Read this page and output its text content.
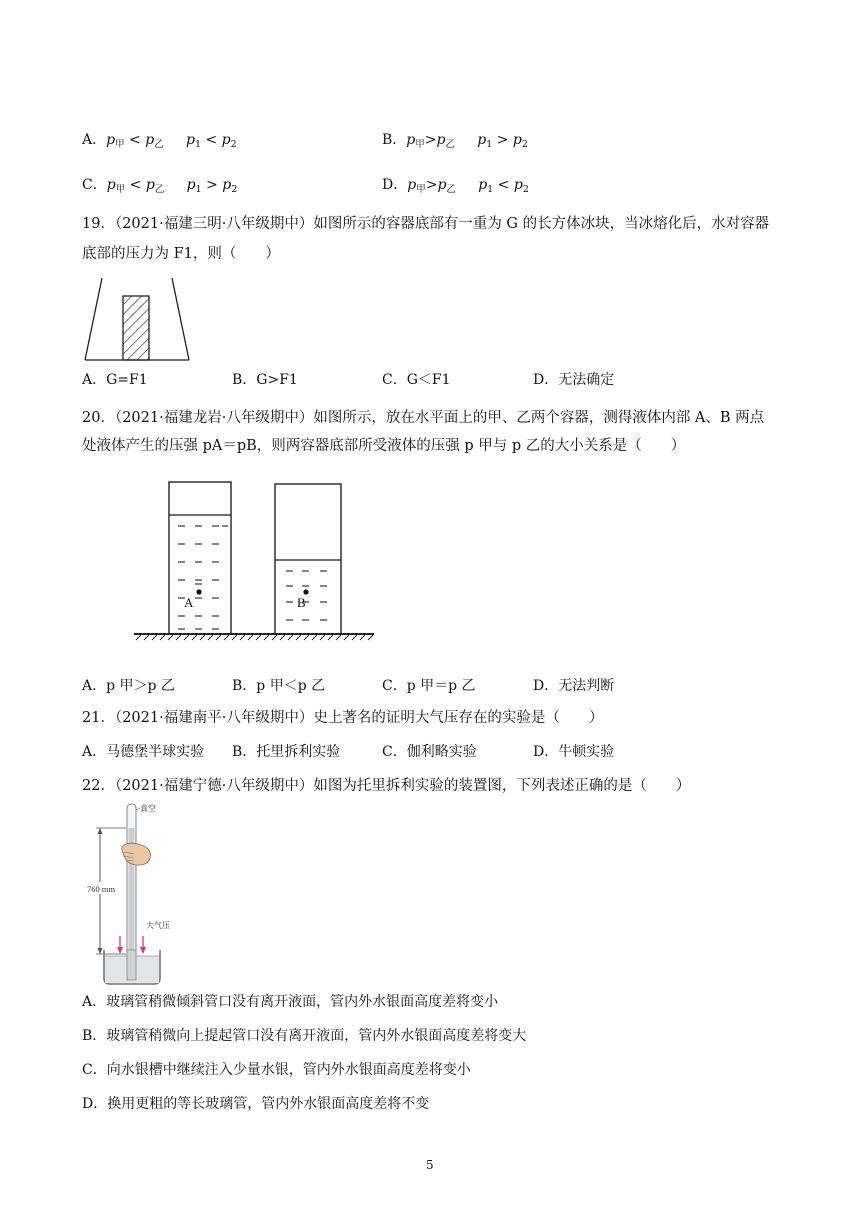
A．$p_甲 < p_乙$ $p_1 < p_2$	B．$p_甲>p_乙$ $p_1 > p_2$
C．$p_甲 < p_乙$ $p_1 > p_2$	D．$p_甲>p_乙$ $p_1 < p_2$
19．（2021·福建三明·八年级期中）如图所示的容器底部有一重为 G 的长方体冰块，当冰熔化后，水对容器
底部的压力为 F1，则（　　）
A．G=F1	B．G>F1	C．G＜F1	D．无法确定
20．（2021·福建龙岩·八年级期中）如图所示，放在水平面上的甲、乙两个容器，测得液体内部 A、B 两点
处液体产生的压强 pA＝pB，则两容器底部所受液体的压强 p 甲与 p 乙的大小关系是（　　）
A	B
A．p 甲＞p 乙	B．p 甲＜p 乙	C．p 甲＝p 乙	D．无法判断
21．（2021·福建南平·八年级期中）史上著名的证明大气压存在的实验是（　　）
A．马德堡半球实验 B．托里拆利实验	C．伽利略实验	D．牛顿实验
22．（2021·福建宁德·八年级期中）如图为托里拆利实验的装置图，下列表述正确的是（　　）
760 mm
真空
大气压
A．玻璃管稍微倾斜管口没有离开液面，管内外水银面高度差将变小
B．玻璃管稍微向上提起管口没有离开液面，管内外水银面高度差将变大
C．向水银槽中继续注入少量水银，管内外水银面高度差将变小
D．换用更粗的等长玻璃管，管内外水银面高度差将不变
5
